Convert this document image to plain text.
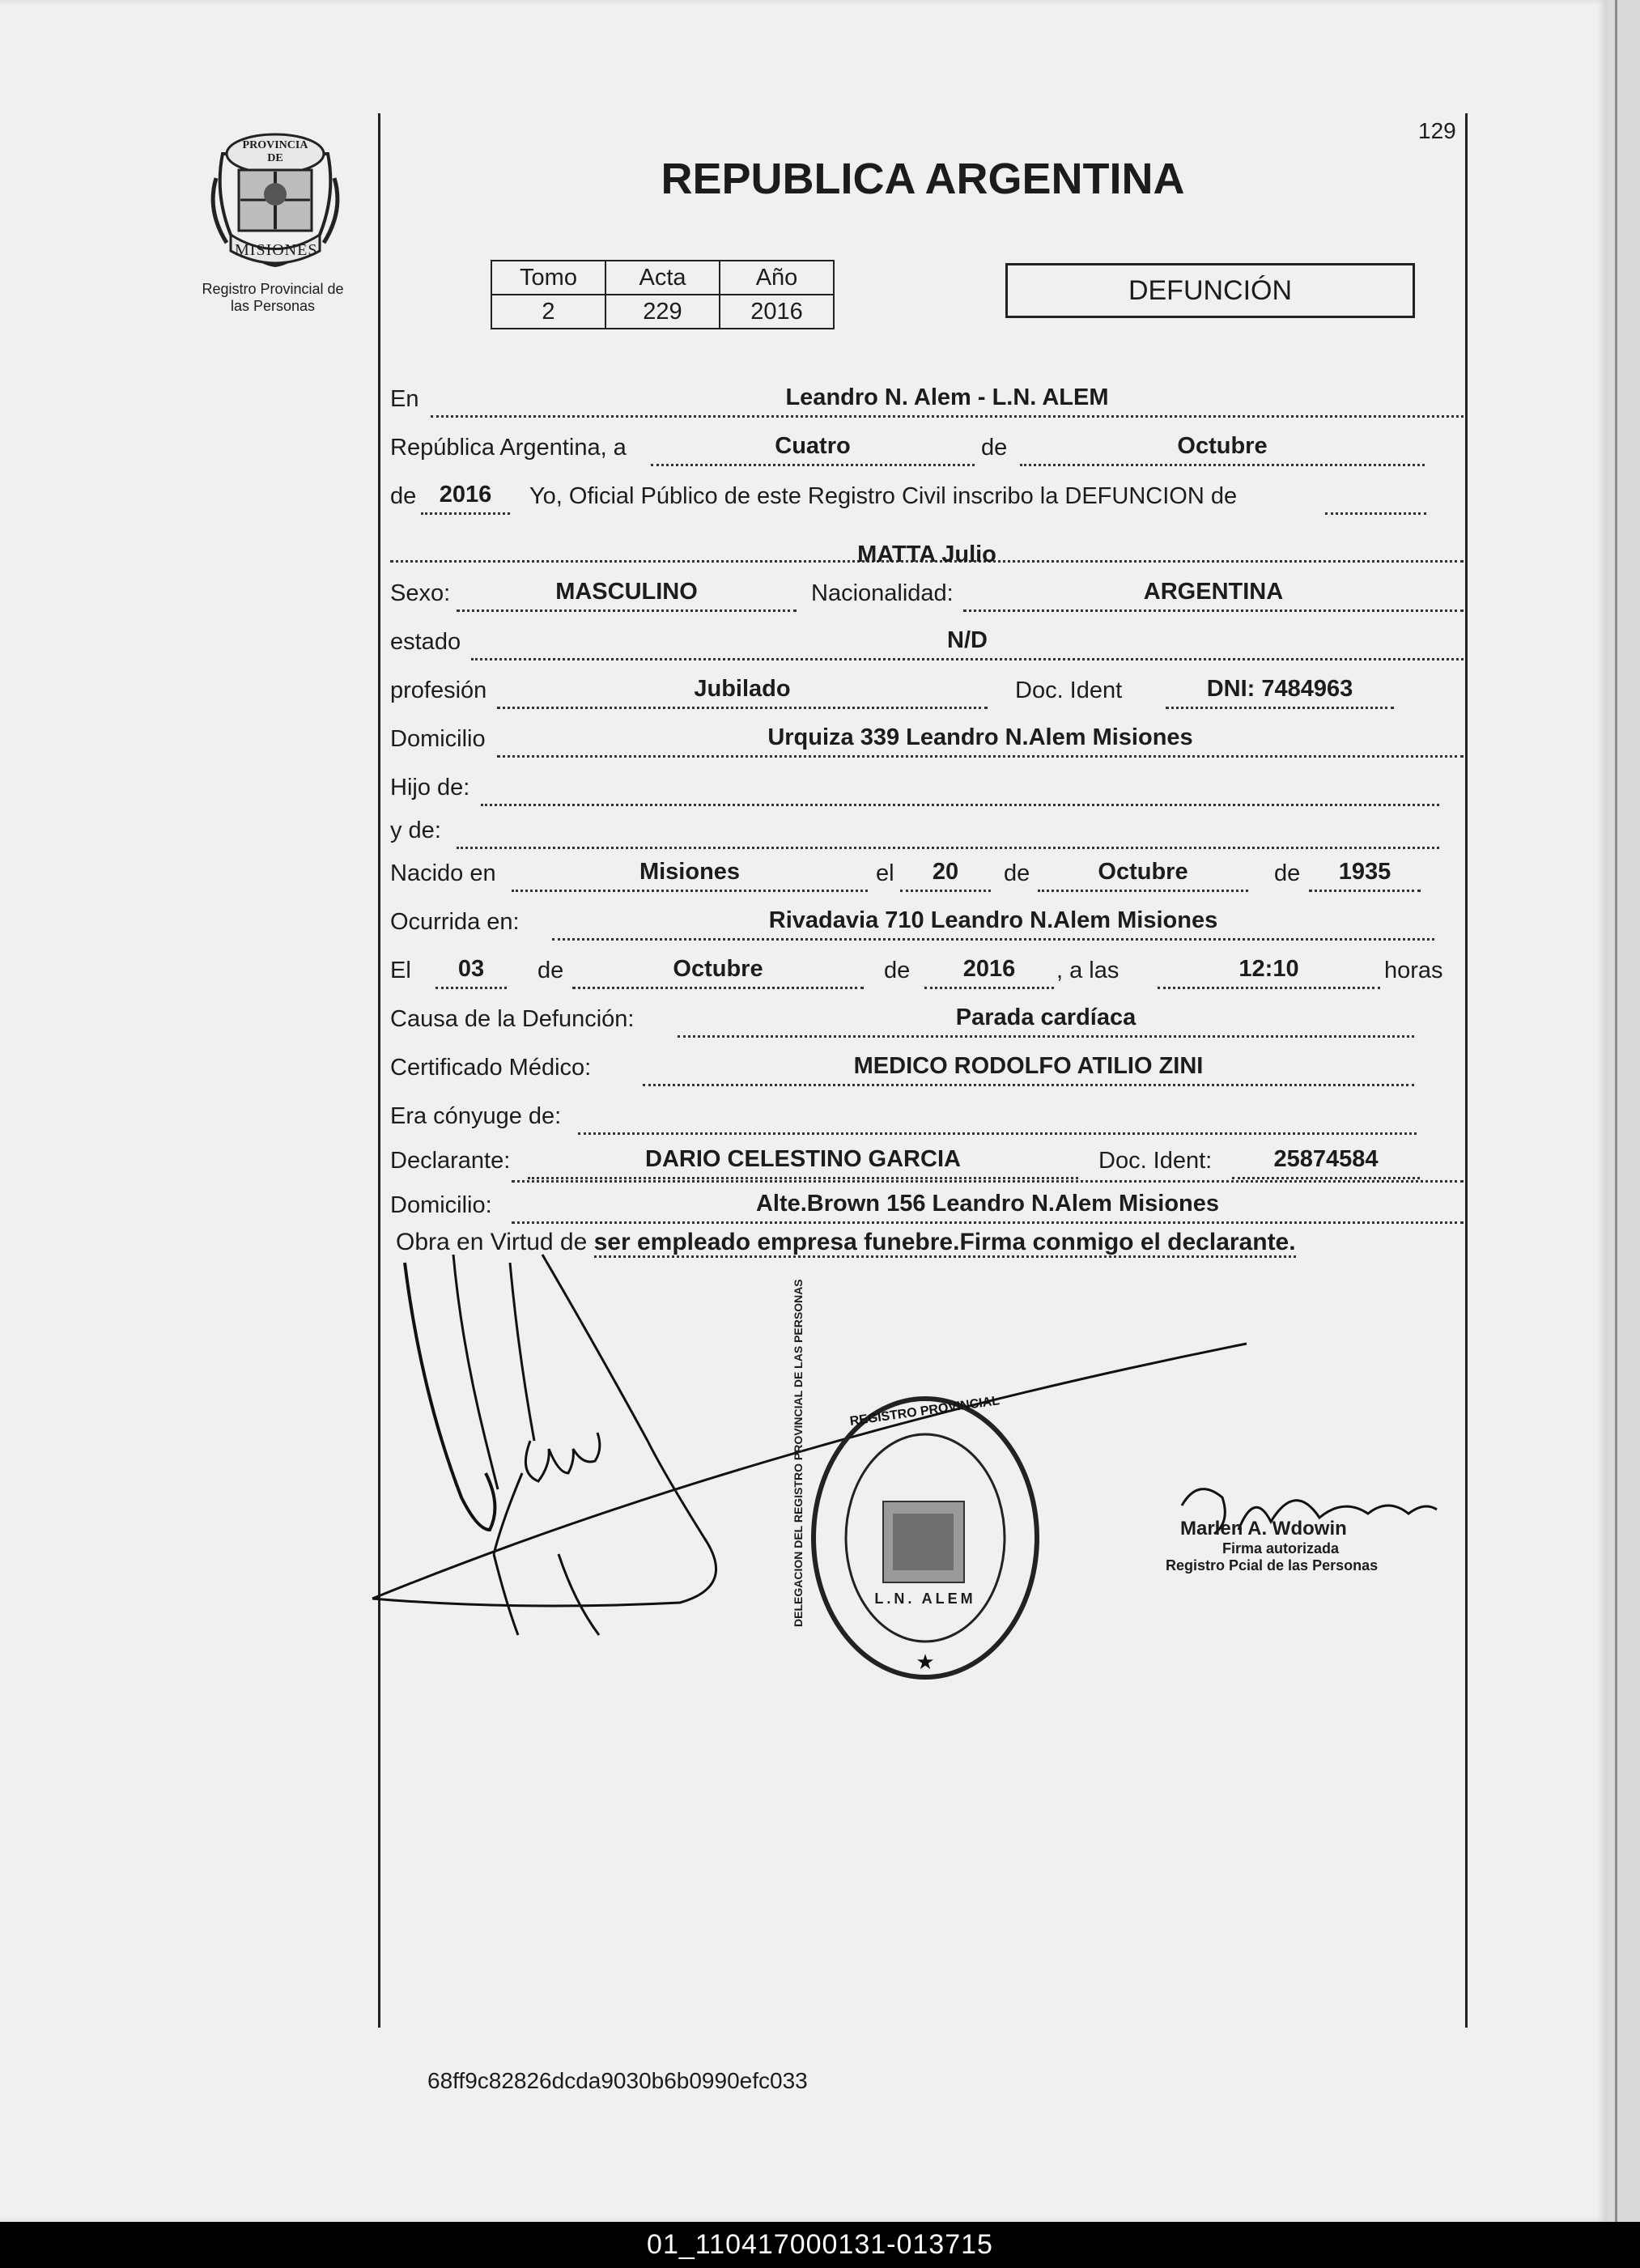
129
PROVINCIA DE
MISIONES
Registro Provincial de
las Personas
REPUBLICA ARGENTINA
Tomo	Acta	Año
2	229	2016
DEFUNCIÓN
En	Leandro N. Alem - L.N. ALEM
República Argentina, a	Cuatro	de	Octubre
de 2016	Yo, Oficial Público de este Registro Civil inscribo la DEFUNCION de
MATTA Julio
Sexo:	MASCULINO	Nacionalidad:	ARGENTINA
estado	N/D
profesión	Jubilado	Doc. Ident	DNI: 7484963
Domicilio	Urquiza 339 Leandro N.Alem Misiones
Hijo de:
y de:
Nacido en	Misiones	el	20	de	Octubre	de	1935
Ocurrida en:	Rivadavia 710 Leandro N.Alem Misiones
El	03	de	Octubre	de	2016	, a las	12:10	horas
Causa de la Defunción:	Parada cardíaca
Certificado Médico:	MEDICO RODOLFO ATILIO ZINI
Era cónyuge de:
Declarante:	DARIO CELESTINO GARCIA	Doc. Ident:	25874584
Domicilio:	Alte.Brown 156 Leandro N.Alem Misiones
Obra en Virtud de ser empleado empresa funebre.Firma conmigo el declarante.
★
REGISTRO PROVINCIAL
DELEGACION DEL REGISTRO PROVINCIAL DE LAS PERSONAS	L.N. ALEM
Marlen A. Wdowin
Firma autorizada
Registro Pcial de las Personas
68ff9c82826dcda9030b6b0990efc033
01_110417000131-013715
